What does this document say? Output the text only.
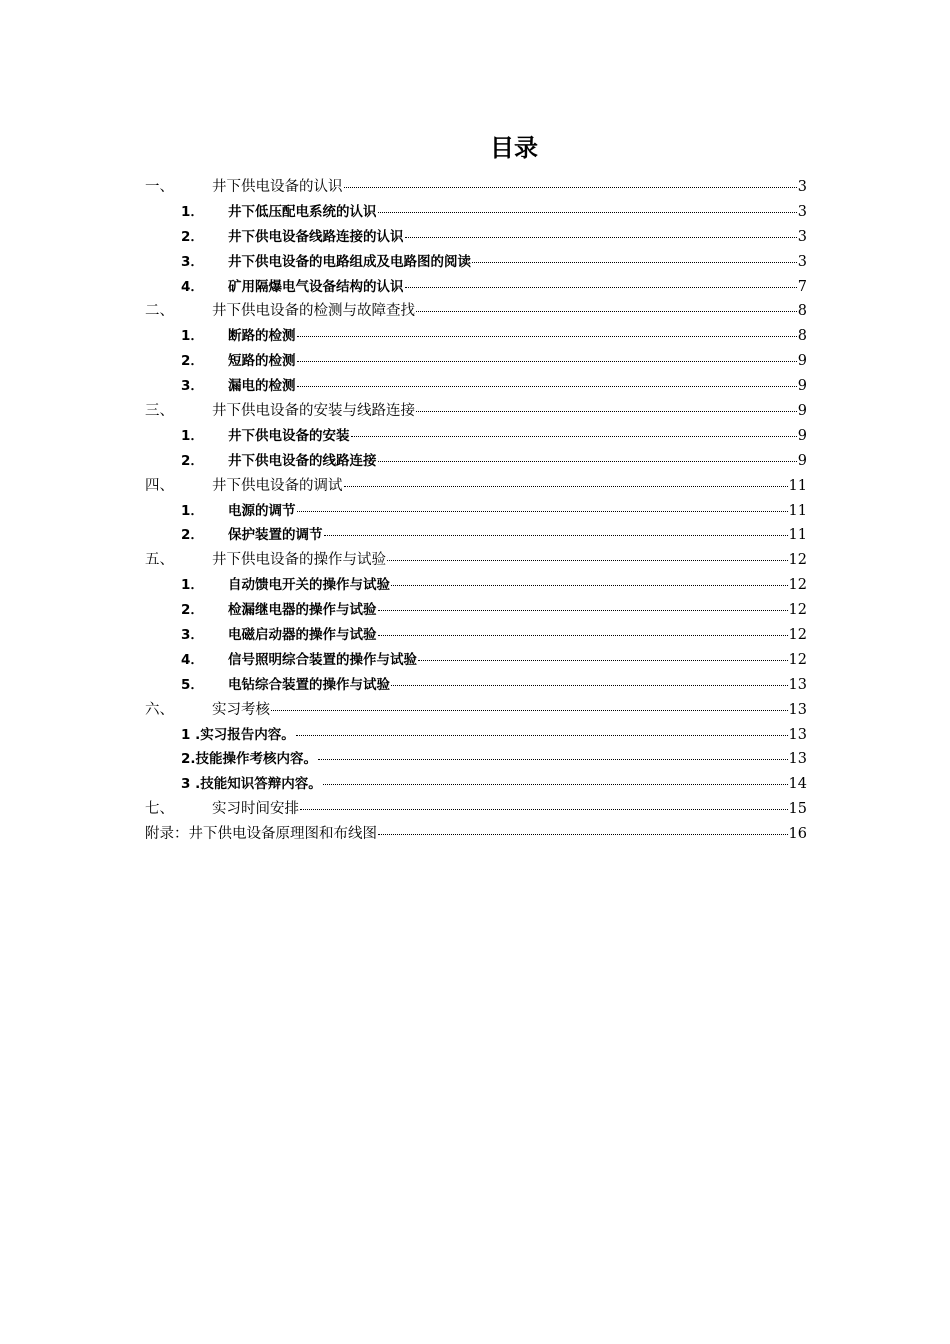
目录
一、	井下供电设备的认识	3
1．	井下低压配电系统的认识	3
2．	井下供电设备线路连接的认识	3
3．	井下供电设备的电路组成及电路图的阅读	3
4．	矿用隔爆电气设备结构的认识	7
二、	井下供电设备的检测与故障查找	8
1．	断路的检测	8
2．	短路的检测	9
3．	漏电的检测	9
三、	井下供电设备的安装与线路连接	9
1．	井下供电设备的安装	9
2．	井下供电设备的线路连接	9
四、	井下供电设备的调试	11
1．	电源的调节	11
2．	保护装置的调节	11
五、	井下供电设备的操作与试验	12
1．	自动馈电开关的操作与试验	12
2．	检漏继电器的操作与试验	12
3．	电磁启动器的操作与试验	12
4．	信号照明综合装置的操作与试验	12
5．	电钻综合装置的操作与试验	13
六、	实习考核	13
1 . 实习报告内容。	13
2. 技能操作考核内容。	13
3 . 技能知识答辩内容。	14
七、	实习时间安排	15
附录：井下供电设备原理图和布线图	16
